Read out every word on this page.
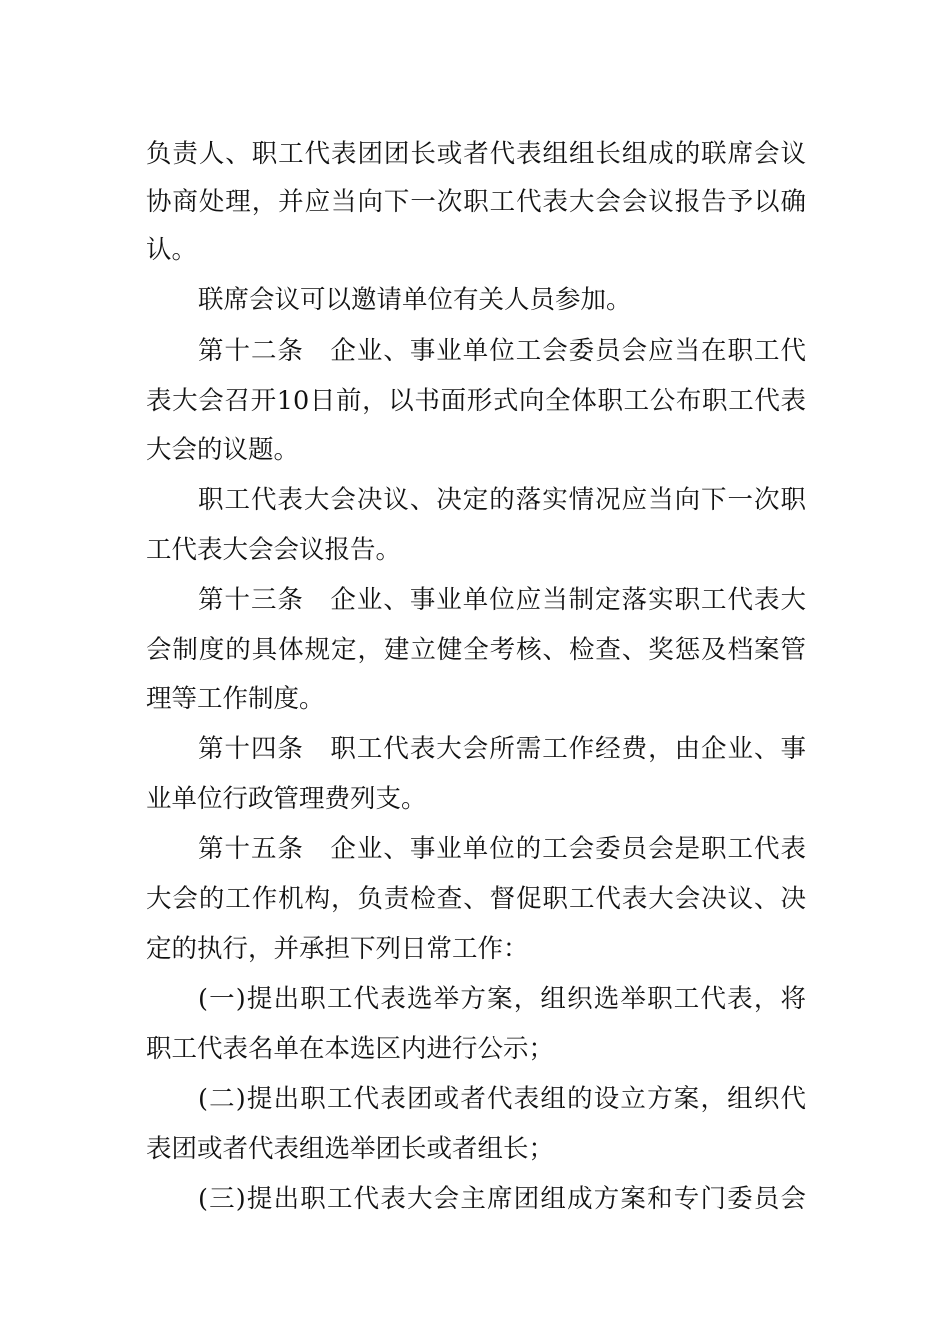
负责人、职工代表团团长或者代表组组长组成的联席会议
协商处理，并应当向下一次职工代表大会会议报告予以确
认。
联席会议可以邀请单位有关人员参加。
第十二条　企业、事业单位工会委员会应当在职工代
表大会召开10日前，以书面形式向全体职工公布职工代表
大会的议题。
职工代表大会决议、决定的落实情况应当向下一次职
工代表大会会议报告。
第十三条　企业、事业单位应当制定落实职工代表大
会制度的具体规定，建立健全考核、检查、奖惩及档案管
理等工作制度。
第十四条　职工代表大会所需工作经费，由企业、事
业单位行政管理费列支。
第十五条　企业、事业单位的工会委员会是职工代表
大会的工作机构，负责检查、督促职工代表大会决议、决
定的执行，并承担下列日常工作：
(一)提出职工代表选举方案，组织选举职工代表，将
职工代表名单在本选区内进行公示；
(二)提出职工代表团或者代表组的设立方案，组织代
表团或者代表组选举团长或者组长；
(三)提出职工代表大会主席团组成方案和专门委员会
